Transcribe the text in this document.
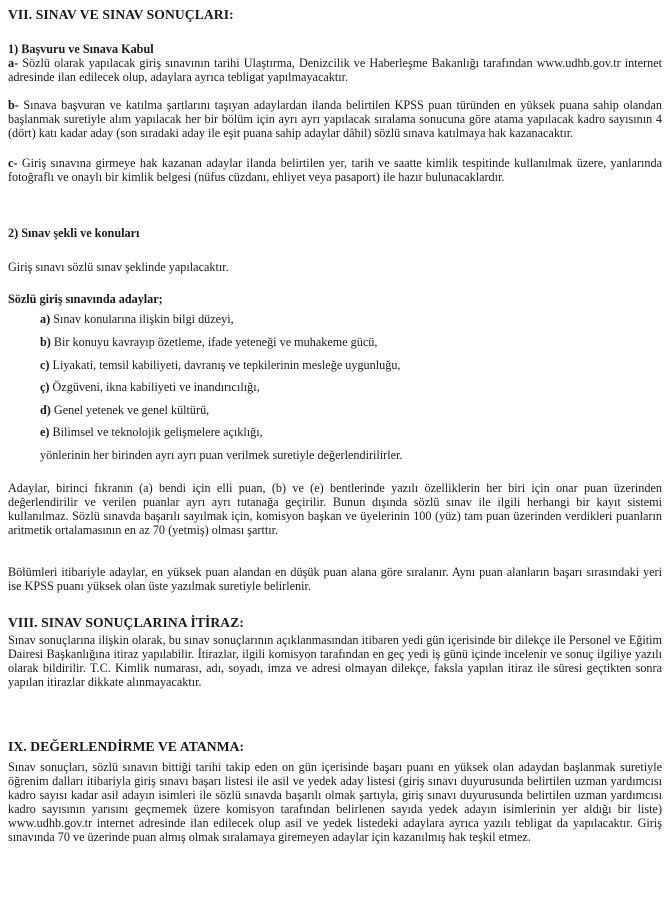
VII. SINAV VE SINAV SONUÇLARI:
1) Başvuru ve Sınava Kabul

a- Sözlü olarak yapılacak giriş sınavının tarihi Ulaştırma, Denizcilik ve Haberleşme Bakanlığı tarafından www.udhb.gov.tr internet adresinde ilan edilecek olup, adaylara ayrıca tebligat yapılmayacaktır.

b- Sınava başvuran ve katılma şartlarını taşıyan adaylardan ilanda belirtilen KPSS puan türünden en yüksek puana sahip olandan başlanmak suretiyle alım yapılacak her bir bölüm için ayrı ayrı yapılacak sıralama sonucuna göre atama yapılacak kadro sayısının 4 (dört) katı kadar aday (son sıradaki aday ile eşit puana sahip adaylar dâhil) sözlü sınava katılmaya hak kazanacaktır.

c- Giriş sınavına girmeye hak kazanan adaylar ilanda belirtilen yer, tarih ve saatte kimlik tespitinde kullanılmak üzere, yanlarında fotoğraflı ve onaylı bir kimlik belgesi (nüfus cüzdanı, ehliyet veya pasaport) ile hazır bulunacaklardır.

2) Sınav şekli ve konuları

Giriş sınavı sözlü sınav şeklinde yapılacaktır.

Sözlü giriş sınavında adaylar;

a) Sınav konularına ilişkin bilgi düzeyi,

b) Bir konuyu kavrayıp özetleme, ifade yeteneği ve muhakeme gücü,

c) Liyakati, temsil kabiliyeti, davranış ve tepkilerinin mesleğe uygunluğu,

ç) Özgüveni, ikna kabiliyeti ve inandırıcılığı,

d) Genel yetenek ve genel kültürü,

e) Bilimsel ve teknolojik gelişmelere açıklığı,

yönlerinin her birinden ayrı ayrı puan verilmek suretiyle değerlendirilirler.

Adaylar, birinci fıkranın (a) bendi için elli puan, (b) ve (e) bentlerinde yazılı özelliklerin her biri için onar puan üzerinden değerlendirilir ve verilen puanlar ayrı ayrı tutanağa geçirilir. Bunun dışında sözlü sınav ile ilgili herhangi bir kayıt sistemi kullanılmaz. Sözlü sınavda başarılı sayılmak için, komisyon başkan ve üyelerinin 100 (yüz) tam puan üzerinden verdikleri puanların aritmetik ortalamasının en az 70 (yetmiş) olması şarttır.

Bölümleri itibariyle adaylar, en yüksek puan alandan en düşük puan alana göre sıralanır. Aynı puan alanların başarı sırasındaki yeri ise KPSS puanı yüksek olan üste yazılmak suretiyle belirlenir.

VIII. SINAV SONUÇLARINA İTİRAZ:

Sınav sonuçlarına ilişkin olarak, bu sınav sonuçlarının açıklanmasından itibaren yedi gün içerisinde bir dilekçe ile Personel ve Eğitim Dairesi Başkanlığına itiraz yapılabilir. İtirazlar, ilgili komisyon tarafından en geç yedi iş günü içinde incelenir ve sonuç ilgiliye yazılı olarak bildirilir. T.C. Kimlik numarası, adı, soyadı, imza ve adresi olmayan dilekçe, faksla yapılan itiraz ile süresi geçtikten sonra yapılan itirazlar dikkate alınmayacaktır.

IX. DEĞERLENDİRME VE ATANMA:

Sınav sonuçları, sözlü sınavın bittiği tarihi takip eden on gün içerisinde başarı puanı en yüksek olan adaydan başlanmak suretiyle öğrenim dalları itibariyla giriş sınavı başarı listesi ile asil ve yedek aday listesi (giriş sınavı duyurusunda belirtilen uzman yardımcısı kadro sayısı kadar asil adayın isimleri ile sözlü sınavda başarılı olmak şartıyla, giriş sınavı duyurusunda belirtilen uzman yardımcısı kadro sayısının yarısını geçmemek üzere komisyon tarafından belirlenen sayıda yedek adayın isimlerinin yer aldığı bir liste) www.udhb.gov.tr internet adresinde ilan edilecek olup asil ve yedek listedeki adaylara ayrıca yazılı tebligat da yapılacaktır. Giriş sınavında 70 ve üzerinde puan almış olmak sıralamaya giremeyen adaylar için kazanılmış hak teşkil etmez.
